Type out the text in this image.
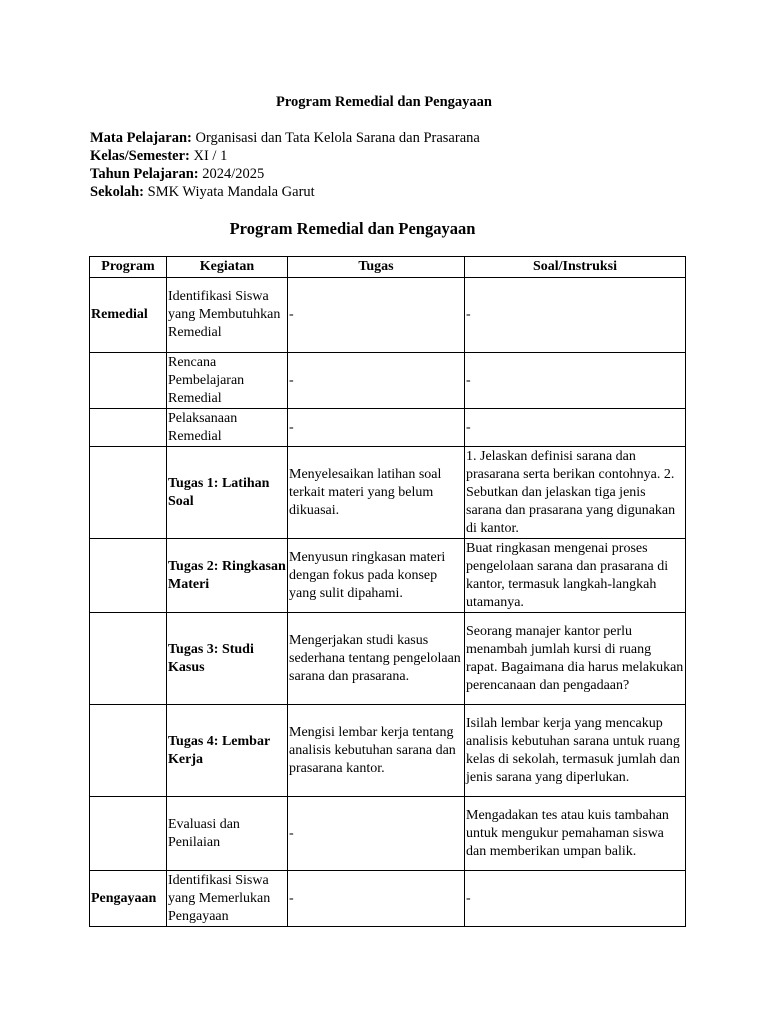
Program Remedial dan Pengayaan
Mata Pelajaran: Organisasi dan Tata Kelola Sarana dan Prasarana
Kelas/Semester: XI / 1
Tahun Pelajaran: 2024/2025
Sekolah: SMK Wiyata Mandala Garut
Program Remedial dan Pengayaan
Program	Kegiatan	Tugas	Soal/Instruksi
Remedial	Identifikasi Siswa yang Membutuhkan Remedial	-	-
	Rencana Pembelajaran Remedial	-	-
	Pelaksanaan Remedial	-	-
	Tugas 1: Latihan Soal	Menyelesaikan latihan soal terkait materi yang belum dikuasai.	1. Jelaskan definisi sarana dan prasarana serta berikan contohnya. 2. Sebutkan dan jelaskan tiga jenis sarana dan prasarana yang digunakan di kantor.
	Tugas 2: Ringkasan Materi	Menyusun ringkasan materi dengan fokus pada konsep yang sulit dipahami.	Buat ringkasan mengenai proses pengelolaan sarana dan prasarana di kantor, termasuk langkah-langkah utamanya.
	Tugas 3: Studi Kasus	Mengerjakan studi kasus sederhana tentang pengelolaan sarana dan prasarana.	Seorang manajer kantor perlu menambah jumlah kursi di ruang rapat. Bagaimana dia harus melakukan perencanaan dan pengadaan?
	Tugas 4: Lembar Kerja	Mengisi lembar kerja tentang analisis kebutuhan sarana dan prasarana kantor.	Isilah lembar kerja yang mencakup analisis kebutuhan sarana untuk ruang kelas di sekolah, termasuk jumlah dan jenis sarana yang diperlukan.
	Evaluasi dan Penilaian	-	Mengadakan tes atau kuis tambahan untuk mengukur pemahaman siswa dan memberikan umpan balik.
Pengayaan	Identifikasi Siswa yang Memerlukan Pengayaan	-	-
